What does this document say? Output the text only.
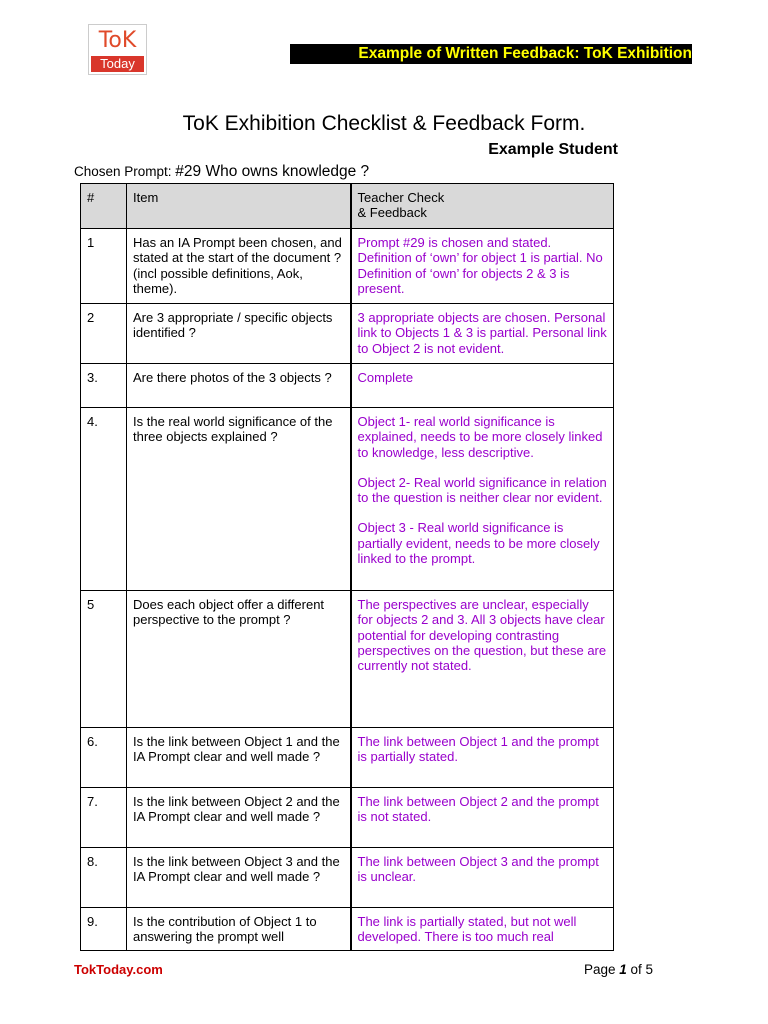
ToK
Today
Example of Written Feedback: ToK Exhibition
ToK Exhibition Checklist & Feedback Form.
Example Student
Chosen Prompt: #29 Who owns knowledge ?
#	Item	Teacher Check
& Feedback
1	Has an IA Prompt been chosen, and stated at the start of the document ? (incl possible definitions, Aok, theme).	Prompt #29 is chosen and stated. Definition of ‘own’ for object 1 is partial. No Definition of ‘own’ for objects 2 & 3 is present.

2	Are 3 appropriate / specific objects identified ?	3 appropriate objects are chosen. Personal link to Objects 1 & 3 is partial. Personal link to Object 2 is not evident.

3.	Are there photos of the 3 objects ?	Complete

4.	Is the real world significance of the three objects explained ?	Object 1- real world significance is explained, needs to be more closely linked to knowledge, less descriptive.

Object 2- Real world significance in relation to the question is neither clear nor evident.

Object 3 - Real world significance is partially evident, needs to be more closely linked to the prompt.

5	Does each object offer a different perspective to the prompt ?	The perspectives are unclear, especially for objects 2 and 3. All 3 objects have clear potential for developing contrasting perspectives on the question, but these are currently not stated.

6.	Is the link between Object 1 and the IA Prompt clear and well made ?	The link between Object 1 and the prompt is partially stated.

7.	Is the link between Object 2 and the IA Prompt clear and well made ?	The link between Object 2 and the prompt is not stated.

8.	Is the link between Object 3 and the IA Prompt clear and well made ?	The link between Object 3 and the prompt is unclear.

9.	Is the contribution of Object 1 to answering the prompt well	The link is partially stated, but not well developed. There is too much real

TokToday.com	Page 1 of 5
